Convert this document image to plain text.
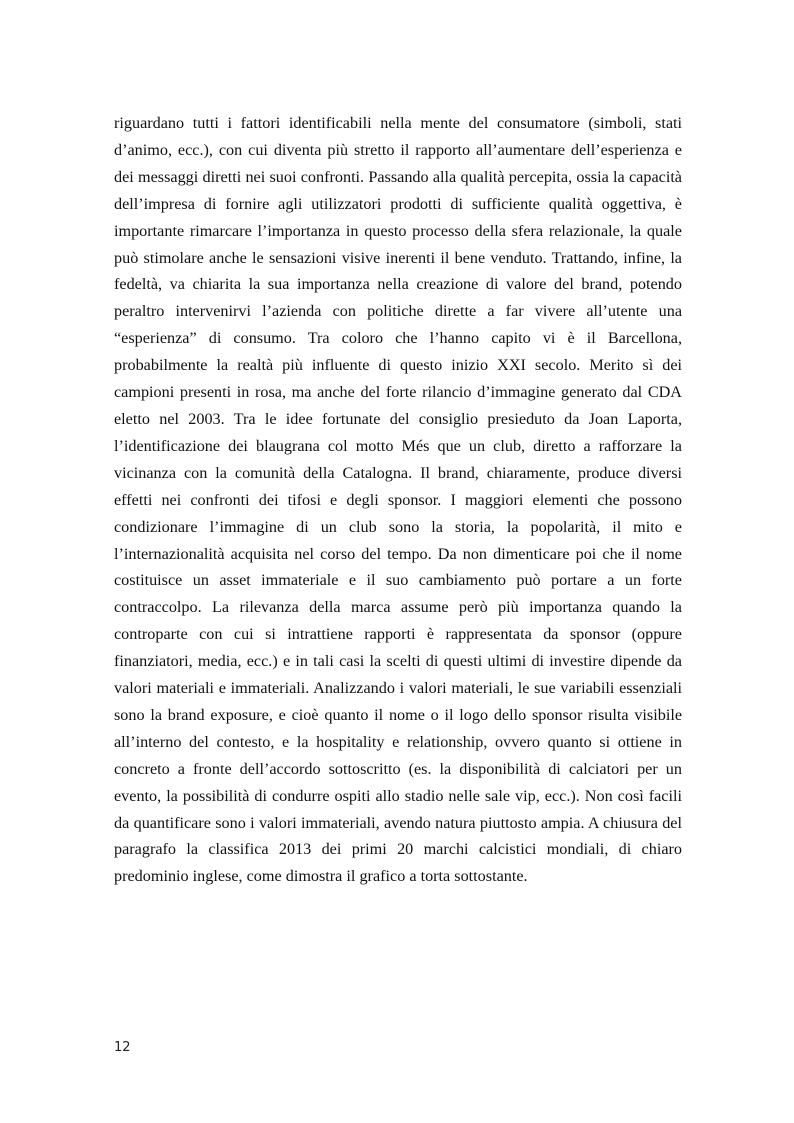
riguardano tutti i fattori identificabili nella mente del consumatore (simboli, stati d’animo, ecc.), con cui diventa più stretto il rapporto all’aumentare dell’esperienza e dei messaggi diretti nei suoi confronti. Passando alla qualità percepita, ossia la capacità dell’impresa di fornire agli utilizzatori prodotti di sufficiente qualità oggettiva, è importante rimarcare l’importanza in questo processo della sfera relazionale, la quale può stimolare anche le sensazioni visive inerenti il bene venduto. Trattando, infine, la fedeltà, va chiarita la sua importanza nella creazione di valore del brand, potendo peraltro intervenirvi l’azienda con politiche dirette a far vivere all’utente una “esperienza” di consumo. Tra coloro che l’hanno capito vi è il Barcellona, probabilmente la realtà più influente di questo inizio XXI secolo. Merito sì dei campioni presenti in rosa, ma anche del forte rilancio d’immagine generato dal CDA eletto nel 2003. Tra le idee fortunate del consiglio presieduto da Joan Laporta, l’identificazione dei blaugrana col motto Més que un club, diretto a rafforzare la vicinanza con la comunità della Catalogna. Il brand, chiaramente, produce diversi effetti nei confronti dei tifosi e degli sponsor. I maggiori elementi che possono condizionare l’immagine di un club sono la storia, la popolarità, il mito e l’internazionalità acquisita nel corso del tempo. Da non dimenticare poi che il nome costituisce un asset immateriale e il suo cambiamento può portare a un forte contraccolpo. La rilevanza della marca assume però più importanza quando la controparte con cui si intrattiene rapporti è rappresentata da sponsor (oppure finanziatori, media, ecc.) e in tali casi la scelti di questi ultimi di investire dipende da valori materiali e immateriali. Analizzando i valori materiali, le sue variabili essenziali sono la brand exposure, e cioè quanto il nome o il logo dello sponsor risulta visibile all’interno del contesto, e la hospitality e relationship, ovvero quanto si ottiene in concreto a fronte dell’accordo sottoscritto (es. la disponibilità di calciatori per un evento, la possibilità di condurre ospiti allo stadio nelle sale vip, ecc.). Non così facili da quantificare sono i valori immateriali, avendo natura piuttosto ampia. A chiusura del paragrafo la classifica 2013 dei primi 20 marchi calcistici mondiali, di chiaro predominio inglese, come dimostra il grafico a torta sottostante.

12
